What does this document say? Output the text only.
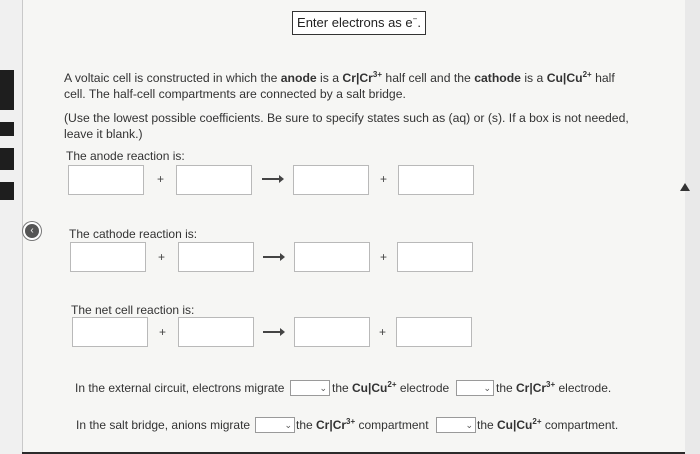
‹
Enter electrons as e−.
A voltaic cell is constructed in which the anode is a $Cr|Cr^{3+}$ half cell and the cathode is a $Cu|Cu^{2+}$ half
cell. The half-cell compartments are connected by a salt bridge.
(Use the lowest possible coefficients. Be sure to specify states such as (aq) or (s). If a box is not needed,
leave it blank.)
The anode reaction is:
+	+
The cathode reaction is:
+	+
The net cell reaction is:
+	+
In the external circuit, electrons migrate	⌄ the $Cu|Cu^{2+}$ electrode	⌄ the $Cr|Cr^{3+}$ electrode.
In the salt bridge, anions migrate	⌄ the $Cr|Cr^{3+}$ compartment	⌄ the $Cu|Cu^{2+}$ compartment.
